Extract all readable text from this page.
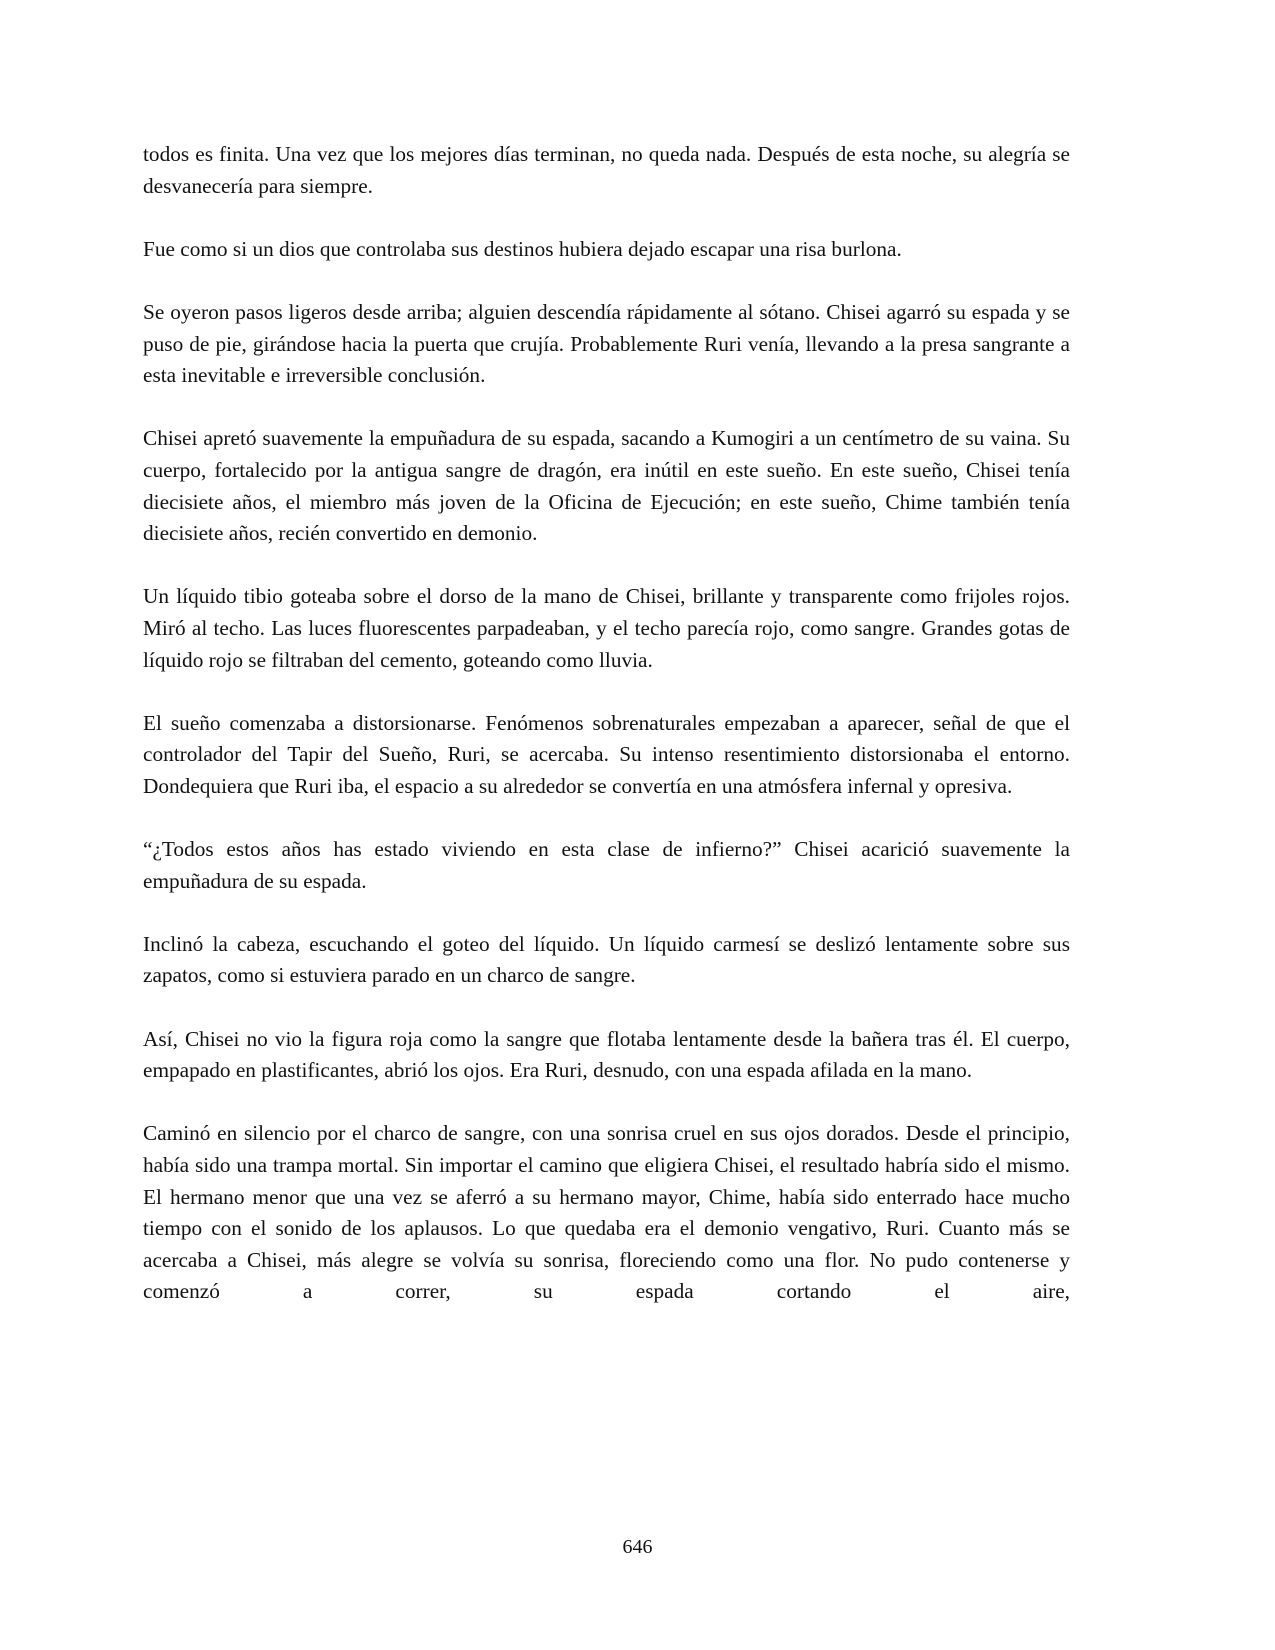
todos es finita. Una vez que los mejores días terminan, no queda nada. Después de esta noche, su alegría se desvanecería para siempre.

Fue como si un dios que controlaba sus destinos hubiera dejado escapar una risa burlona.

Se oyeron pasos ligeros desde arriba; alguien descendía rápidamente al sótano. Chisei agarró su espada y se puso de pie, girándose hacia la puerta que crujía. Probablemente Ruri venía, llevando a la presa sangrante a esta inevitable e irreversible conclusión.

Chisei apretó suavemente la empuñadura de su espada, sacando a Kumogiri a un centímetro de su vaina. Su cuerpo, fortalecido por la antigua sangre de dragón, era inútil en este sueño. En este sueño, Chisei tenía diecisiete años, el miembro más joven de la Oficina de Ejecución; en este sueño, Chime también tenía diecisiete años, recién convertido en demonio.

Un líquido tibio goteaba sobre el dorso de la mano de Chisei, brillante y transparente como frijoles rojos. Miró al techo. Las luces fluorescentes parpadeaban, y el techo parecía rojo, como sangre. Grandes gotas de líquido rojo se filtraban del cemento, goteando como lluvia.

El sueño comenzaba a distorsionarse. Fenómenos sobrenaturales empezaban a aparecer, señal de que el controlador del Tapir del Sueño, Ruri, se acercaba. Su intenso resentimiento distorsionaba el entorno. Dondequiera que Ruri iba, el espacio a su alrededor se convertía en una atmósfera infernal y opresiva.

“¿Todos estos años has estado viviendo en esta clase de infierno?” Chisei acarició suavemente la empuñadura de su espada.

Inclinó la cabeza, escuchando el goteo del líquido. Un líquido carmesí se deslizó lentamente sobre sus zapatos, como si estuviera parado en un charco de sangre.

Así, Chisei no vio la figura roja como la sangre que flotaba lentamente desde la bañera tras él. El cuerpo, empapado en plastificantes, abrió los ojos. Era Ruri, desnudo, con una espada afilada en la mano.

Caminó en silencio por el charco de sangre, con una sonrisa cruel en sus ojos dorados. Desde el principio, había sido una trampa mortal. Sin importar el camino que eligiera Chisei, el resultado habría sido el mismo. El hermano menor que una vez se aferró a su hermano mayor, Chime, había sido enterrado hace mucho tiempo con el sonido de los aplausos. Lo que quedaba era el demonio vengativo, Ruri. Cuanto más se acercaba a Chisei, más alegre se volvía su sonrisa, floreciendo como una flor. No pudo contenerse y comenzó a correr, su espada cortando el aire,

646
